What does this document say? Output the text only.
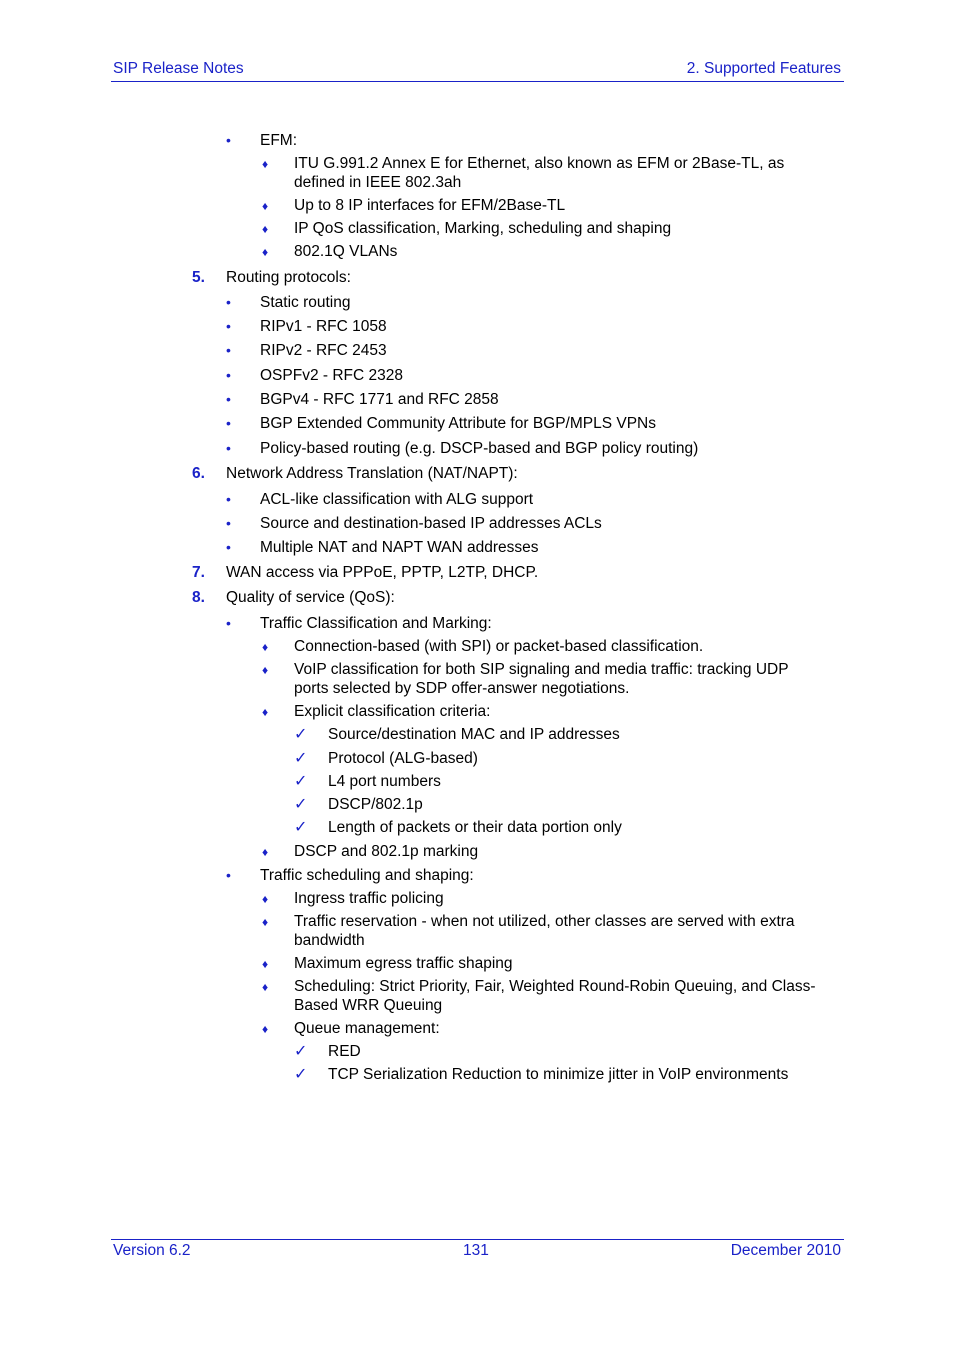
SIP Release Notes	2. Supported Features
• EFM:
♦ ITU G.991.2 Annex E for Ethernet, also known as EFM or 2Base-TL, as
defined in IEEE 802.3ah
♦ Up to 8 IP interfaces for EFM/2Base-TL
♦ IP QoS classification, Marking, scheduling and shaping
♦ 802.1Q VLANs
5. Routing protocols:
• Static routing
• RIPv1 - RFC 1058
• RIPv2 - RFC 2453
• OSPFv2 - RFC 2328
• BGPv4 - RFC 1771 and RFC 2858
• BGP Extended Community Attribute for BGP/MPLS VPNs
• Policy-based routing (e.g. DSCP-based and BGP policy routing)
6. Network Address Translation (NAT/NAPT):
• ACL-like classification with ALG support
• Source and destination-based IP addresses ACLs
• Multiple NAT and NAPT WAN addresses
7. WAN access via PPPoE, PPTP, L2TP, DHCP.
8. Quality of service (QoS):
• Traffic Classification and Marking:
♦ Connection-based (with SPI) or packet-based classification.
♦ VoIP classification for both SIP signaling and media traffic: tracking UDP
ports selected by SDP offer-answer negotiations.
♦ Explicit classification criteria:
✓ Source/destination MAC and IP addresses
✓ Protocol (ALG-based)
✓ L4 port numbers
✓ DSCP/802.1p
✓ Length of packets or their data portion only
♦ DSCP and 802.1p marking
• Traffic scheduling and shaping:
♦ Ingress traffic policing
♦ Traffic reservation - when not utilized, other classes are served with extra
bandwidth
♦ Maximum egress traffic shaping
♦ Scheduling: Strict Priority, Fair, Weighted Round-Robin Queuing, and Class-
Based WRR Queuing
♦ Queue management:
✓ RED
✓ TCP Serialization Reduction to minimize jitter in VoIP environments
Version 6.2	131	December 2010
